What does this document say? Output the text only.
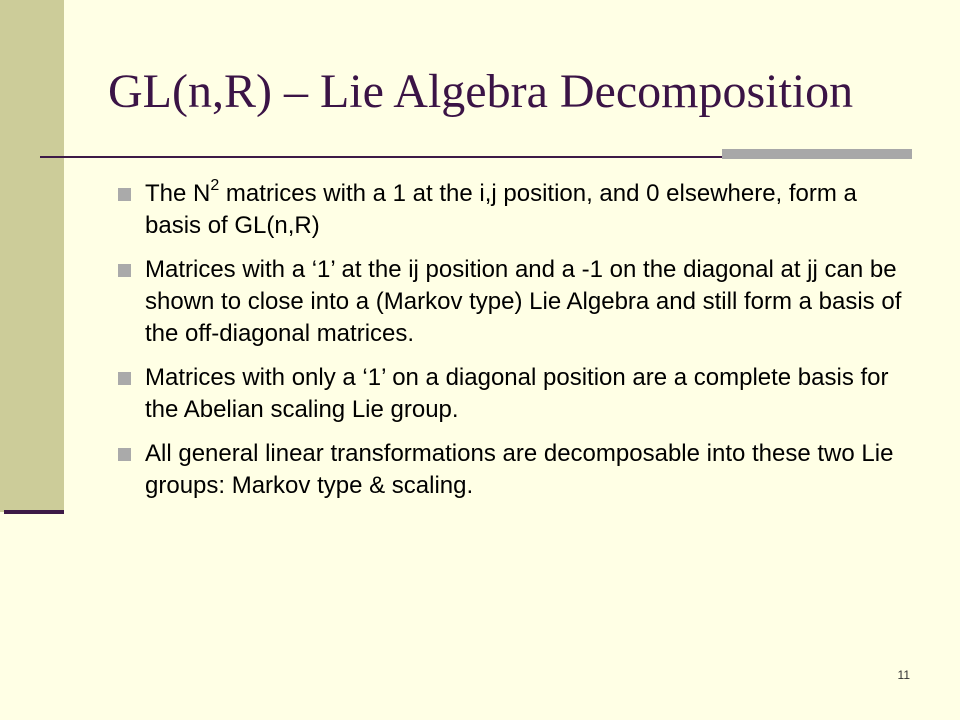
GL(n,R) – Lie Algebra Decomposition
The $N^2$ matrices with a 1 at the i,j position, and 0 elsewhere, form a basis of GL(n,R)
Matrices with a ‘1’ at the ij position and a -1 on the diagonal at jj can be shown to close into a (Markov type) Lie Algebra and still form a basis of the off-diagonal matrices.
Matrices with only a ‘1’ on a diagonal position are a complete basis for the Abelian scaling Lie group.
All general linear transformations are decomposable into these two Lie groups: Markov type & scaling.
11
